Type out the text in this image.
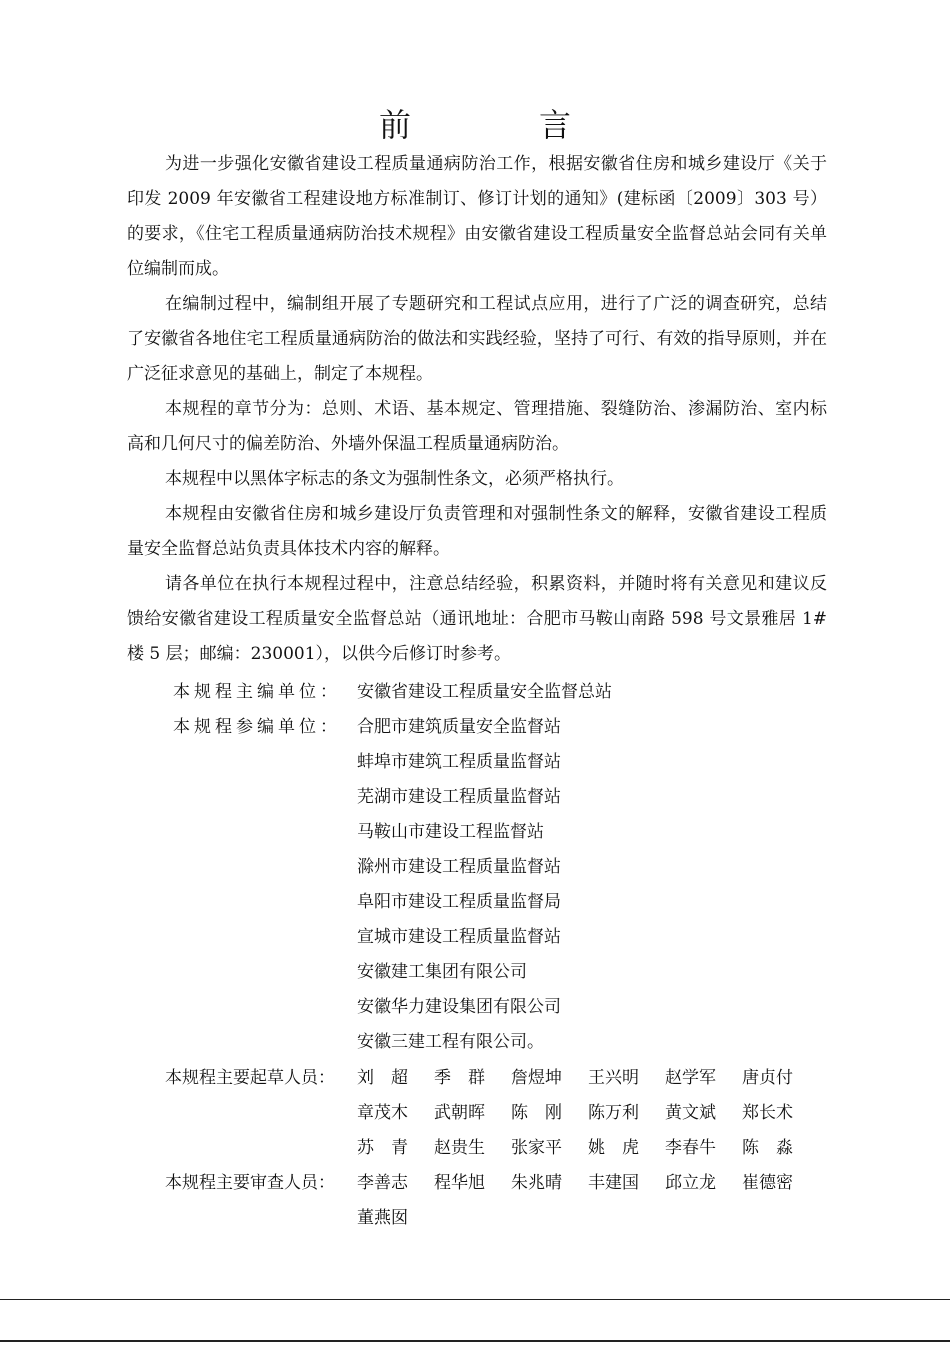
前　言

为进一步强化安徽省建设工程质量通病防治工作，根据安徽省住房和城乡建设厅《关于印发 2009 年安徽省工程建设地方标准制订、修订计划的通知》(建标函〔2009〕303 号）的要求，《住宅工程质量通病防治技术规程》由安徽省建设工程质量安全监督总站会同有关单位编制而成。

在编制过程中，编制组开展了专题研究和工程试点应用，进行了广泛的调查研究，总结了安徽省各地住宅工程质量通病防治的做法和实践经验，坚持了可行、有效的指导原则，并在广泛征求意见的基础上，制定了本规程。

本规程的章节分为：总则、术语、基本规定、管理措施、裂缝防治、渗漏防治、室内标高和几何尺寸的偏差防治、外墙外保温工程质量通病防治。

本规程中以黑体字标志的条文为强制性条文，必须严格执行。

本规程由安徽省住房和城乡建设厅负责管理和对强制性条文的解释，安徽省建设工程质量安全监督总站负责具体技术内容的解释。

请各单位在执行本规程过程中，注意总结经验，积累资料，并随时将有关意见和建议反馈给安徽省建设工程质量安全监督总站（通讯地址：合肥市马鞍山南路 598 号文景雅居 1#楼 5 层；邮编：230001），以供今后修订时参考。

本规程主编单位： 安徽省建设工程质量安全监督总站
本规程参编单位： 合肥市建筑质量安全监督站
蚌埠市建筑工程质量监督站
芜湖市建设工程质量监督站
马鞍山市建设工程监督站
滁州市建设工程质量监督站
阜阳市建设工程质量监督局
宣城市建设工程质量监督站
安徽建工集团有限公司
安徽华力建设集团有限公司
安徽三建工程有限公司。
本规程主要起草人员：	刘　超	季　群	詹煜坤	王兴明	赵学军	唐贞付
章茂木	武朝晖	陈　刚	陈万利	黄文斌	郑长术
苏　青	赵贵生	张家平	姚　虎	李春牛	陈　淼
本规程主要审查人员：	李善志	程华旭	朱兆晴	丰建国	邱立龙	崔德密
董燕囡
